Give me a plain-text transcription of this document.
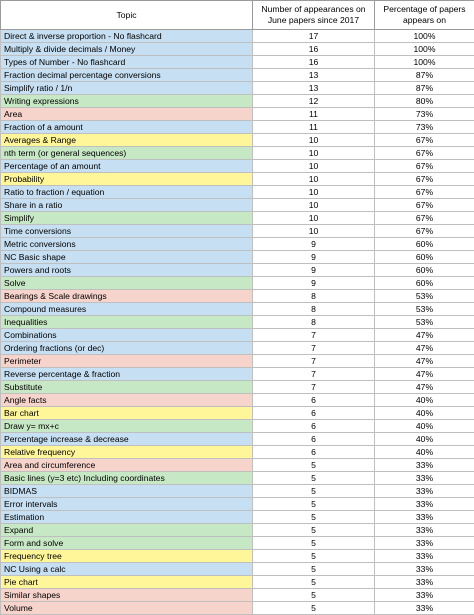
Topic	Number of appearances on June papers since 2017	Percentage of papers appears on
Direct & inverse proportion - No flashcard	17	100%
Multiply & divide decimals / Money	16	100%
Types of Number - No flashcard	16	100%
Fraction decimal percentage conversions	13	87%
Simplify ratio / 1/n	13	87%
Writing expressions	12	80%
Area	11	73%
Fraction of a amount	11	73%
Averages & Range	10	67%
nth term (or general sequences)	10	67%
Percentage of an amount	10	67%
Probability	10	67%
Ratio to fraction / equation	10	67%
Share in a ratio	10	67%
Simplify	10	67%
Time conversions	10	67%
Metric conversions	9	60%
NC Basic shape	9	60%
Powers and roots	9	60%
Solve	9	60%
Bearings & Scale drawings	8	53%
Compound measures	8	53%
Inequalities	8	53%
Combinations	7	47%
Ordering fractions (or dec)	7	47%
Perimeter	7	47%
Reverse percentage & fraction	7	47%
Substitute	7	47%
Angle facts	6	40%
Bar chart	6	40%
Draw y= mx+c	6	40%
Percentage increase & decrease	6	40%
Relative frequency	6	40%
Area and circumference	5	33%
Basic lines (y=3 etc) Including coordinates	5	33%
BIDMAS	5	33%
Error intervals	5	33%
Estimation	5	33%
Expand	5	33%
Form and solve	5	33%
Frequency tree	5	33%
NC Using a calc	5	33%
Pie chart	5	33%
Similar shapes	5	33%
Volume	5	33%
